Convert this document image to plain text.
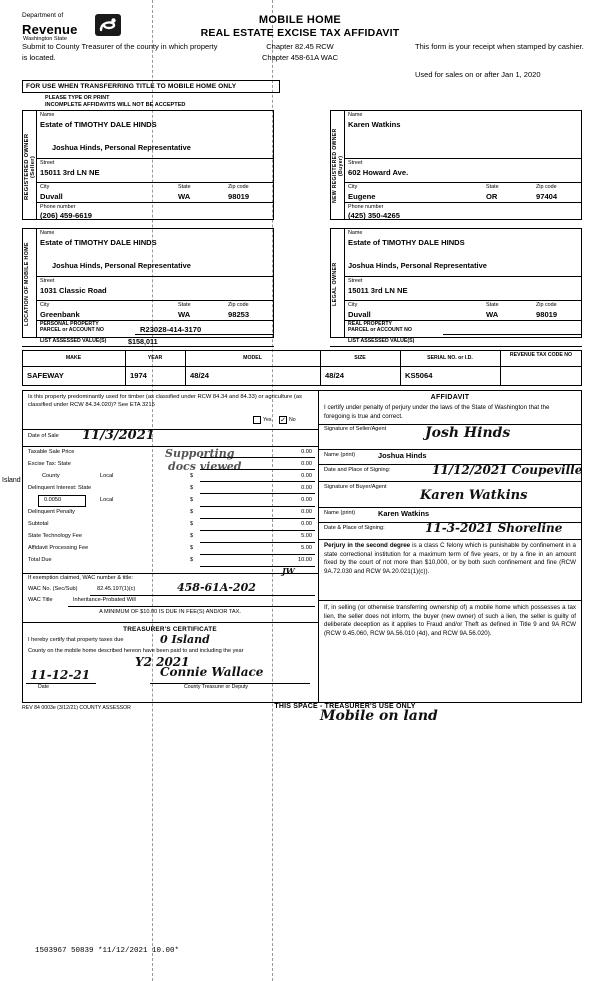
Department of
Revenue
Washington State
MOBILE HOME
REAL ESTATE EXCISE TAX AFFIDAVIT
Chapter 82.45 RCW
Chapter 458-61A WAC
Submit to County Treasurer of the county in which property is located.
This form is your receipt when stamped by cashier.
Used for sales on or after Jan 1, 2020
FOR USE WHEN TRANSFERRING TITLE TO MOBILE HOME ONLY
PLEASE TYPE OR PRINT
INCOMPLETE AFFIDAVITS WILL NOT BE ACCEPTED
REGISTERED OWNER (Seller)
Name
Estate of TIMOTHY DALE HINDS
Joshua Hinds, Personal Representative
Street
15011 3rd LN NE
City
Duvall
State
WA
Zip code
98019
Phone number
(206) 459-6619
NEW REGISTERED OWNER (Buyer)
Name
Karen Watkins
Street
602 Howard Ave.
City
Eugene
State
OR
Zip code
97404
Phone number
(425) 350-4265
LOCATION OF MOBILE HOME
Name
Estate of TIMOTHY DALE HINDS
Joshua Hinds, Personal Representative
Street
1031 Classic Road
City
Greenbank
State
WA
Zip code
98253
PERSONAL PROPERTY
PARCEL or ACCOUNT NO	R23028-414-3170
LEGAL OWNER
Name
Estate of TIMOTHY DALE HINDS
Joshua Hinds, Personal Representative
Street
15011 3rd LN NE
City
Duvall
State
WA
Zip code
98019
REAL PROPERTY
PARCEL or ACCOUNT NO
LIST ASSESSED VALUE(S)	$158,011	LIST ASSESSED VALUE(S)
MAKE	YEAR	MODEL	SIZE	SERIAL NO. or I.D.	REVENUE TAX CODE NO
SAFEWAY	1974	48/24	48/24	KS5064
Is this property predominantly used for timber (as classified under RCW 84.34 and 84.33) or agriculture (as classified under RCW 84.34.020)? See ETA 3215
Yes ✓ No
Date of Sale 11/3/2021
Supporting
docs viewed
Island
Taxable Sale Price	0.00
Excise Tax: State	0.00
County	Local	$	0.00
Delinquent Interest: State	$	0.00
0.0050	Local	$	0.00
Delinquent Penalty	$	0.00
Subtotal	$	0.00
State Technology Fee	$	5.00
Affidavit Processing Fee	$	5.00
Total Due	$	10.00
JW
If exemption claimed, WAC number & title:
WAC No. (Sec/Sub)	82.45.197(1)(c)	458-61A-202
WAC Title	Inheritance-Probated Will
A MINIMUM OF $10.00 IS DUE IN FEE(S) AND/OR TAX.
AFFIDAVIT
I certify under penalty of perjury under the laws of the State of Washington that the foregoing is true and correct.
Signature of Seller/Agent	Josh Hinds
Name (print)	Joshua Hinds
Date and Place of Signing:	11/12/2021 Coupeville
Signature of Buyer/Agent
Karen Watkins
Name (print)	Karen Watkins
Date & Place of Signing:	11-3-2021 Shoreline
Perjury in the second degree is a class C felony which is punishable by confinement in a state correctional institution for a maximum term of five years, or by a fine in an amount fixed by the court of not more than $10,000, or by both such confinement and fine (RCW 9A.72.030 and RCW 9A.20.021(1)(c)).
If, in selling (or otherwise transferring ownership of) a mobile home which possesses a tax lien, the seller does not inform, the buyer (new owner) of such a lien, the seller is guilty of deliberate deception as it applies to Fraud and/or Theft as defined in Title 9 and 9A RCW (RCW 9.45.060, RCW 9A.56.010 (4d), and RCW 9A.56.020).
TREASURER'S CERTIFICATE
I hereby certify that property taxes due	0 Island
County on the mobile home described hereon have been paid to and including the year
Y2 2021
11-12-21	Connie Wallace
Date	County Treasurer or Deputy
THIS SPACE - TREASURER'S USE ONLY
Mobile on land
REV 84 0003e (3/12/21) COUNTY ASSESSOR
1503967 50839 *11/12/2021 10.00*
